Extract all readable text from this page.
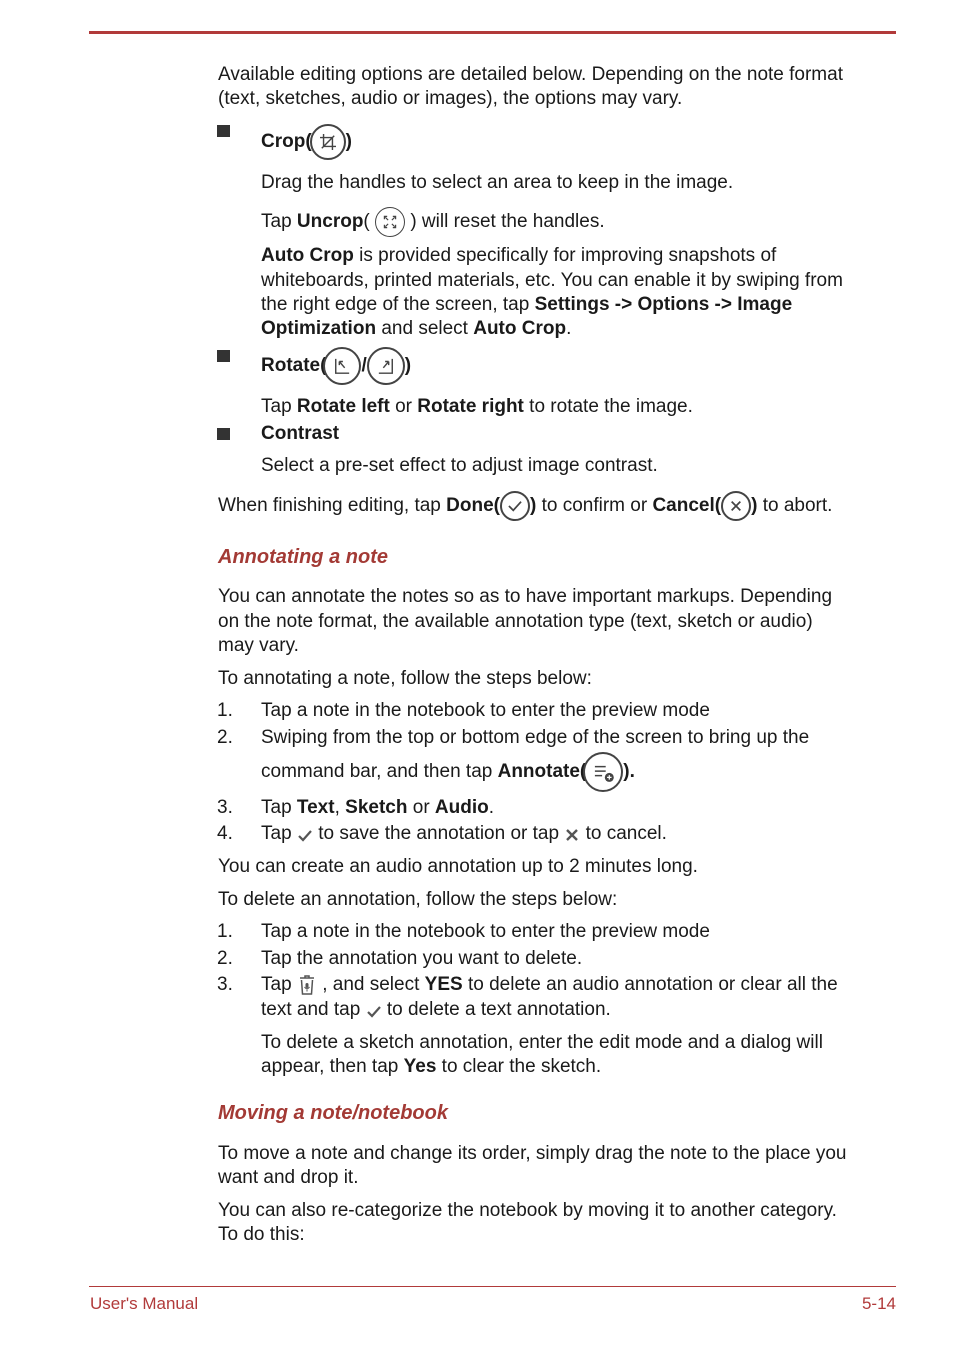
Available editing options are detailed below. Depending on the note format
(text, sketches, audio or images), the options may vary.
Crop( )
Drag the handles to select an area to keep in the image.
Tap Uncrop( ) will reset the handles.
Auto Crop is provided specifically for improving snapshots of
whiteboards, printed materials, etc. You can enable it by swiping from
the right edge of the screen, tap Settings -> Options -> Image
Optimization and select Auto Crop.
Rotate( / )
Tap Rotate left or Rotate right to rotate the image.
Contrast
Select a pre-set effect to adjust image contrast.
When finishing editing, tap Done( ) to confirm or Cancel( ) to abort.
Annotating a note
You can annotate the notes so as to have important markups. Depending
on the note format, the available annotation type (text, sketch or audio)
may vary.
To annotating a note, follow the steps below:
1. Tap a note in the notebook to enter the preview mode
2. Swiping from the top or bottom edge of the screen to bring up the
command bar, and then tap Annotate( ).
3. Tap Text, Sketch or Audio.
4. Tap  to save the annotation or tap  to cancel.
You can create an audio annotation up to 2 minutes long.
To delete an annotation, follow the steps below:
1. Tap a note in the notebook to enter the preview mode
2. Tap the annotation you want to delete.
3. Tap  , and select YES to delete an audio annotation or clear all the
text and tap  to delete a text annotation.
To delete a sketch annotation, enter the edit mode and a dialog will
appear, then tap Yes to clear the sketch.
Moving a note/notebook
To move a note and change its order, simply drag the note to the place you
want and drop it.
You can also re-categorize the notebook by moving it to another category.
To do this:
User's Manual	5-14
